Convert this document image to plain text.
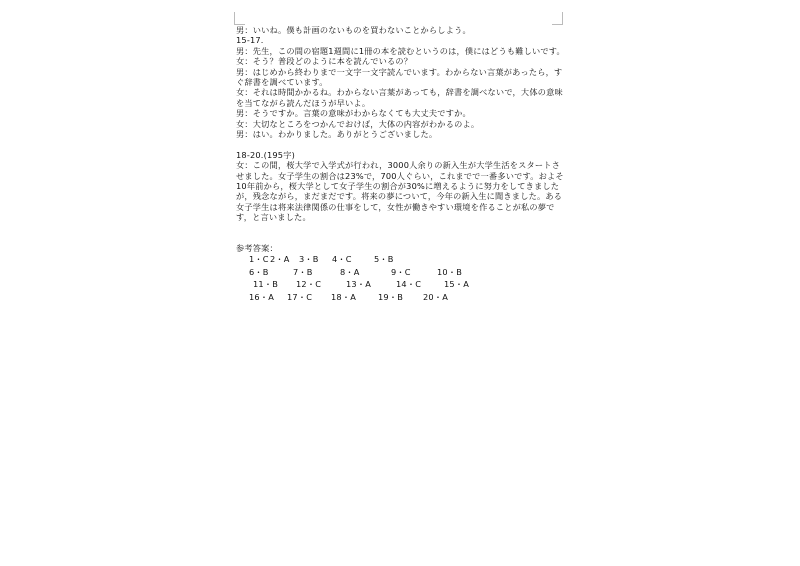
男：いいね。僕も計画のないものを買わないことからしよう。

15-17.

男：先生，この間の宿題1週間に1冊の本を読むというのは，僕にはどうも難しいです。

女：そう？普段どのように本を読んでいるの？

男：はじめから終わりまで一文字一文字読んでいます。わからない言葉があったら，すぐ辞書を調べています。

女：それは時間かかるね。わからない言葉があっても，辞書を調べないで，大体の意味を当てながら読んだほうが早いよ。

男：そうですか。言葉の意味がわからなくても大丈夫ですか。

女：大切なところをつかんでおけば，大体の内容がわかるのよ。

男：はい。わかりました。ありがとうございました。

18-20.(195字)

女：この間，桜大学で入学式が行われ，3000人余りの新入生が大学生活をスタートさせました。女子学生の割合は23%で，700人ぐらい，これまでで一番多いです。およそ10年前から，桜大学として女子学生の割合が30%に増えるように努力をしてきましたが，残念ながら，まだまだです。将来の夢について，今年の新入生に聞きました。ある女子学生は将来法律関係の仕事をして，女性が働きやすい環境を作ることが私の夢です，と言いました。

参考答案：

1・C 2・A 3・B 4・C	5・B
6・B	7・B	8・A	9・C	10・B
11・B 12・C	13・A	14・C	15・A
16・A 17・C 18・A	19・B 20・A
